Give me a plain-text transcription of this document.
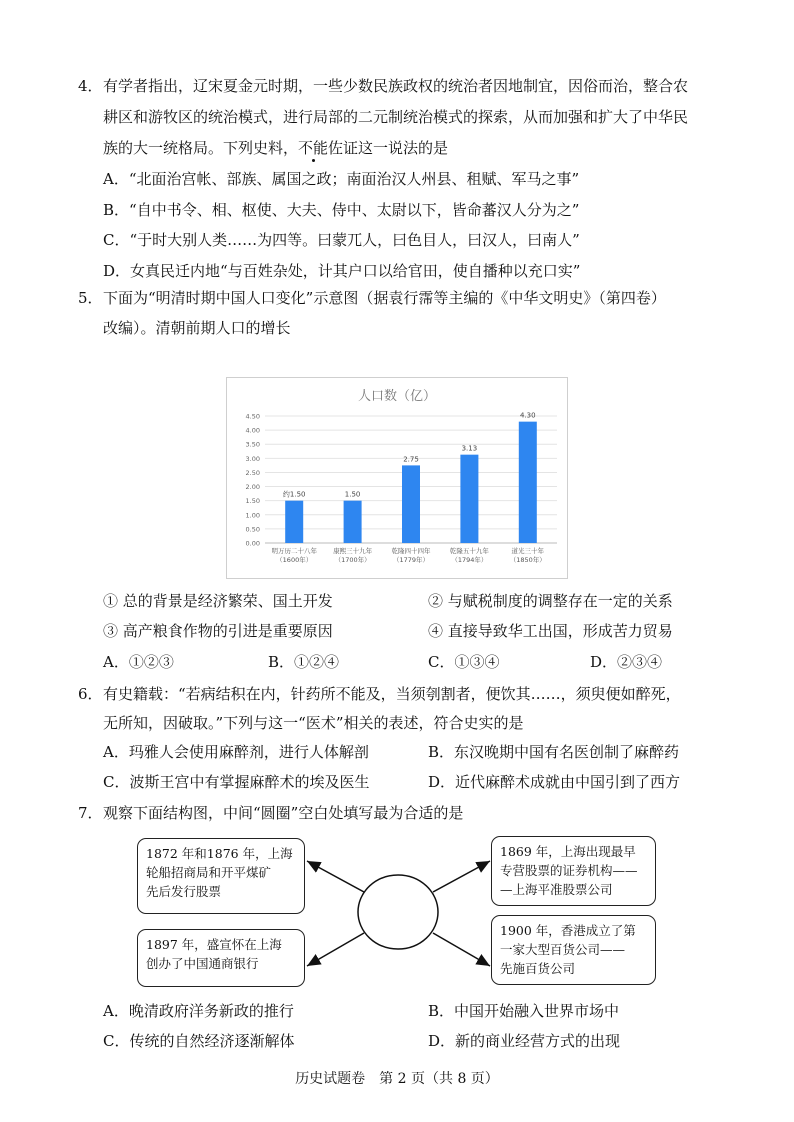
4． 有学者指出，辽宋夏金元时期，一些少数民族政权的统治者因地制宜，因俗而治，整合农
耕区和游牧区的统治模式，进行局部的二元制统治模式的探索，从而加强和扩大了中华民
族的大一统格局。下列史料，不能佐证这一说法的是
A．“北面治宫帐、部族、属国之政；南面治汉人州县、租赋、军马之事”
B．“自中书令、相、枢使、大夫、侍中、太尉以下，皆命蕃汉人分为之”
C．“于时大别人类……为四等。曰蒙兀人，曰色目人，曰汉人，曰南人”
D．女真民迁内地“与百姓杂处，计其户口以给官田，使自播种以充口实”
5． 下面为“明清时期中国人口变化”示意图（据袁行霈等主编的《中华文明史》（第四卷）
改编）。清朝前期人口的增长
人口数（亿）
0.00
0.50
1.00
1.50
2.00
2.50
3.00
3.50
4.00
4.50
约1.50
明万历二十八年
（1600年）
1.50
康熙三十九年
（1700年）
2.75
乾隆四十四年
（1779年）
3.13
乾隆五十九年
（1794年）
4.30
道光三十年
（1850年）
① 总的背景是经济繁荣、国土开发	② 与赋税制度的调整存在一定的关系
③ 高产粮食作物的引进是重要原因	④ 直接导致华工出国，形成苦力贸易
A．①②③	B．①②④	C．①③④	D．②③④
6． 有史籍载：“若病结积在内，针药所不能及，当须刳割者，便饮其……，须臾便如醉死，
无所知，因破取。”下列与这一“医术”相关的表述，符合史实的是
A．玛雅人会使用麻醉剂，进行人体解剖	B．东汉晚期中国有名医创制了麻醉药
C．波斯王宫中有掌握麻醉术的埃及医生	D．近代麻醉术成就由中国引到了西方
7． 观察下面结构图，中间“圆圈”空白处填写最为合适的是
1872 年和1876 年，上海
轮船招商局和开平煤矿
先后发行股票
1897 年，盛宣怀在上海
创办了中国通商银行
1869 年，上海出现最早
专营股票的证券机构——
—上海平准股票公司
1900 年，香港成立了第
一家大型百货公司——
先施百货公司
A．晚清政府洋务新政的推行	B．中国开始融入世界市场中
C．传统的自然经济逐渐解体	D．新的商业经营方式的出现
历史试题卷　第 2 页（共 8 页）
